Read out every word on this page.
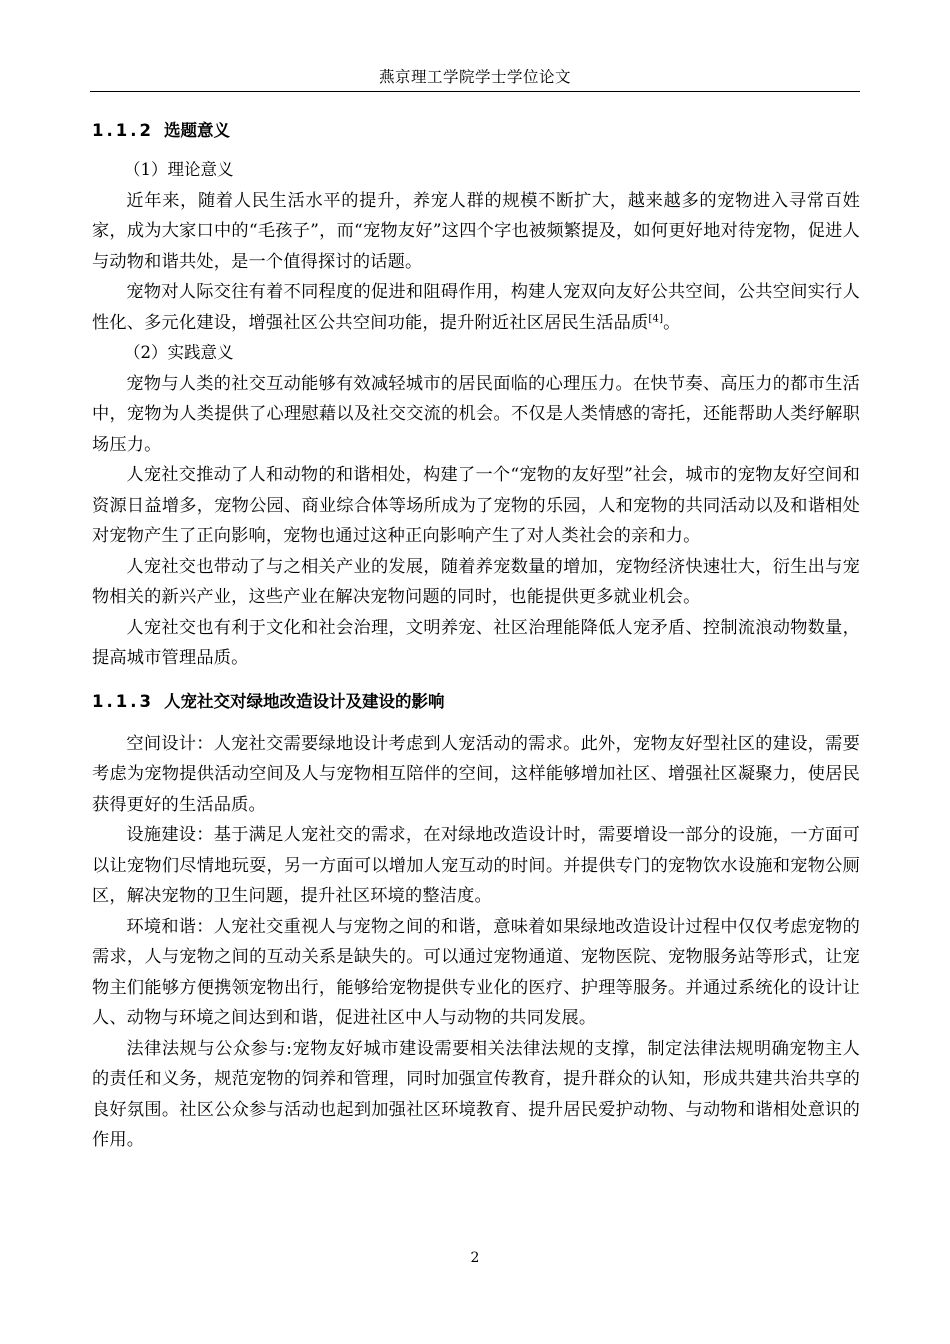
燕京理工学院学士学位论文
1.1.2 选题意义

（1）理论意义

近年来，随着人民生活水平的提升，养宠人群的规模不断扩大，越来越多的宠物进入寻常百姓家，成为大家口中的“毛孩子”，而“宠物友好”这四个字也被频繁提及，如何更好地对待宠物，促进人与动物和谐共处，是一个值得探讨的话题。

宠物对人际交往有着不同程度的促进和阻碍作用，构建人宠双向友好公共空间，公共空间实行人性化、多元化建设，增强社区公共空间功能，提升附近社区居民生活品质[4]。

（2）实践意义

宠物与人类的社交互动能够有效减轻城市的居民面临的心理压力。在快节奏、高压力的都市生活中，宠物为人类提供了心理慰藉以及社交交流的机会。不仅是人类情感的寄托，还能帮助人类纾解职场压力。

人宠社交推动了人和动物的和谐相处，构建了一个“宠物的友好型”社会，城市的宠物友好空间和资源日益增多，宠物公园、商业综合体等场所成为了宠物的乐园，人和宠物的共同活动以及和谐相处对宠物产生了正向影响，宠物也通过这种正向影响产生了对人类社会的亲和力。

人宠社交也带动了与之相关产业的发展，随着养宠数量的增加，宠物经济快速壮大，衍生出与宠物相关的新兴产业，这些产业在解决宠物问题的同时，也能提供更多就业机会。

人宠社交也有利于文化和社会治理，文明养宠、社区治理能降低人宠矛盾、控制流浪动物数量，提高城市管理品质。

1.1.3 人宠社交对绿地改造设计及建设的影响

空间设计：人宠社交需要绿地设计考虑到人宠活动的需求。此外，宠物友好型社区的建设，需要考虑为宠物提供活动空间及人与宠物相互陪伴的空间，这样能够增加社区、增强社区凝聚力，使居民获得更好的生活品质。

设施建设：基于满足人宠社交的需求，在对绿地改造设计时，需要增设一部分的设施，一方面可以让宠物们尽情地玩耍，另一方面可以增加人宠互动的时间。并提供专门的宠物饮水设施和宠物公厕区，解决宠物的卫生问题，提升社区环境的整洁度。

环境和谐：人宠社交重视人与宠物之间的和谐，意味着如果绿地改造设计过程中仅仅考虑宠物的需求，人与宠物之间的互动关系是缺失的。可以通过宠物通道、宠物医院、宠物服务站等形式，让宠物主们能够方便携领宠物出行，能够给宠物提供专业化的医疗、护理等服务。并通过系统化的设计让人、动物与环境之间达到和谐，促进社区中人与动物的共同发展。

法律法规与公众参与:宠物友好城市建设需要相关法律法规的支撑，制定法律法规明确宠物主人的责任和义务，规范宠物的饲养和管理，同时加强宣传教育，提升群众的认知，形成共建共治共享的良好氛围。社区公众参与活动也起到加强社区环境教育、提升居民爱护动物、与动物和谐相处意识的作用。

2
